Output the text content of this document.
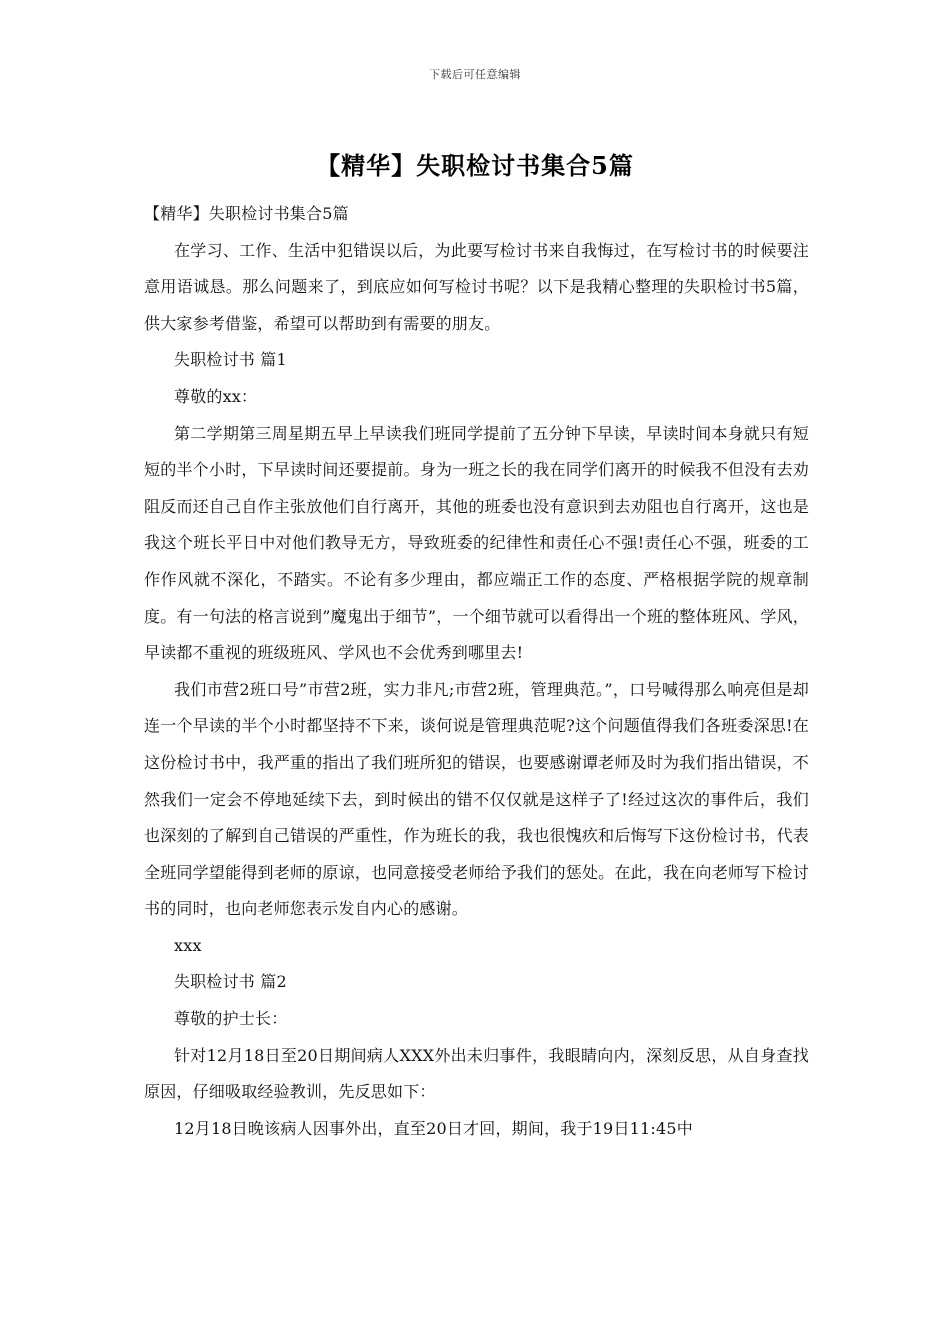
下载后可任意编辑
【精华】失职检讨书集合5篇

【精华】失职检讨书集合5篇

在学习、工作、生活中犯错误以后，为此要写检讨书来自我悔过，在写检讨书的时候要注意用语诚恳。那么问题来了，到底应如何写检讨书呢？以下是我精心整理的失职检讨书5篇，供大家参考借鉴，希望可以帮助到有需要的朋友。

失职检讨书 篇1

尊敬的xx：

第二学期第三周星期五早上早读我们班同学提前了五分钟下早读，早读时间本身就只有短短的半个小时，下早读时间还要提前。身为一班之长的我在同学们离开的时候我不但没有去劝阻反而还自己自作主张放他们自行离开，其他的班委也没有意识到去劝阻也自行离开，这也是我这个班长平日中对他们教导无方，导致班委的纪律性和责任心不强!责任心不强，班委的工作作风就不深化，不踏实。不论有多少理由，都应端正工作的态度、严格根据学院的规章制度。有一句法的格言说到”魔鬼出于细节”，一个细节就可以看得出一个班的整体班风、学风，早读都不重视的班级班风、学风也不会优秀到哪里去!

我们市营2班口号”市营2班，实力非凡;市营2班，管理典范。”，口号喊得那么响亮但是却连一个早读的半个小时都坚持不下来，谈何说是管理典范呢?这个问题值得我们各班委深思!在这份检讨书中，我严重的指出了我们班所犯的错误，也要感谢谭老师及时为我们指出错误，不然我们一定会不停地延续下去，到时候出的错不仅仅就是这样子了!经过这次的事件后，我们也深刻的了解到自己错误的严重性，作为班长的我，我也很愧疚和后悔写下这份检讨书，代表全班同学望能得到老师的原谅，也同意接受老师给予我们的惩处。在此，我在向老师写下检讨书的同时，也向老师您表示发自内心的感谢。

xxx

失职检讨书 篇2

尊敬的护士长：

针对12月18日至20日期间病人XXX外出未归事件，我眼睛向内，深刻反思，从自身查找原因，仔细吸取经验教训，先反思如下：

12月18日晚该病人因事外出，直至20日才回，期间，我于19日11:45中
